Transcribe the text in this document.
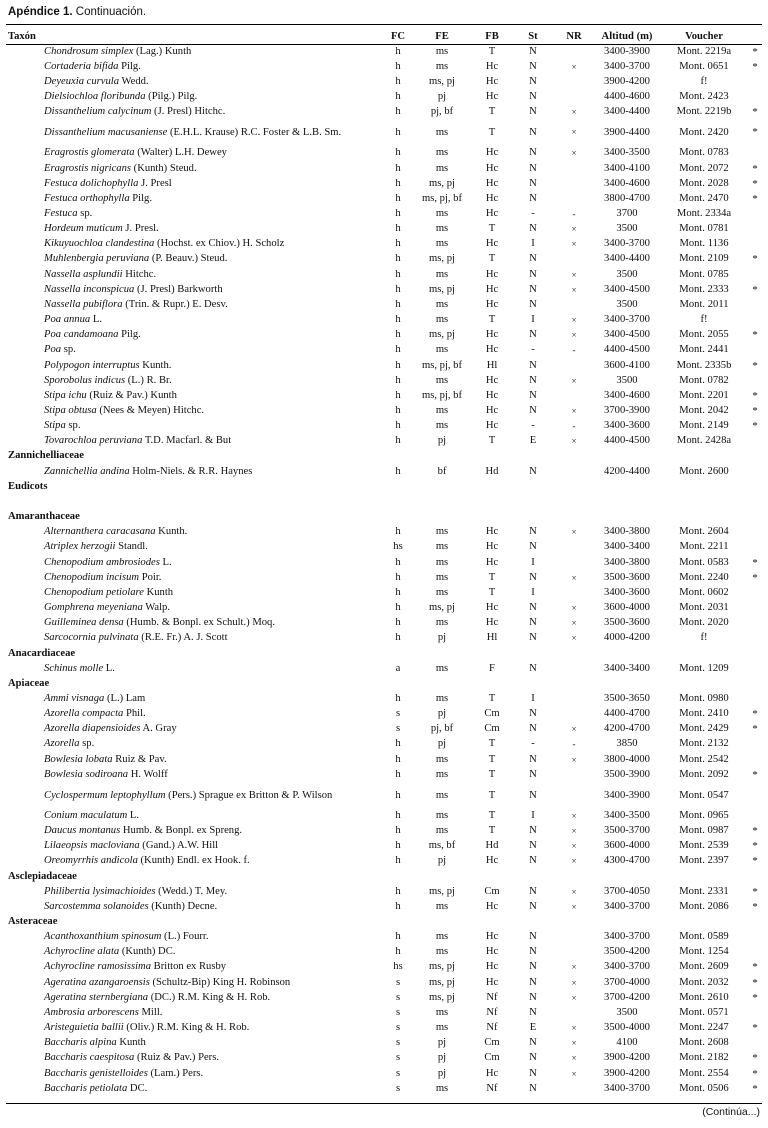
Apéndice 1. Continuación.
Taxón	FC	FE	FB	St	NR	Altitud (m)	Voucher	
Chondrosum simplex (Lag.) Kunth	h	ms	T	N		3400-3900	Mont. 2219a	*
Cortaderia bifida Pilg.	h	ms	Hc	N	×	3400-3700	Mont. 0651	*
Deyeuxia curvula Wedd.	h	ms, pj	Hc	N		3900-4200	f!	
Dielsiochloa floribunda (Pilg.) Pilg.	h	pj	Hc	N		4400-4600	Mont. 2423	
Dissanthelium calycinum (J. Presl) Hitchc.	h	pj, bf	T	N	×	3400-4400	Mont. 2219b	*
Dissanthelium macusaniense (E.H.L. Krause) R.C. Foster & L.B. Sm.	h	ms	T	N	×	3900-4400	Mont. 2420	*
Eragrostis glomerata (Walter) L.H. Dewey	h	ms	Hc	N	×	3400-3500	Mont. 0783	
Eragrostis nigricans (Kunth) Steud.	h	ms	Hc	N		3400-4100	Mont. 2072	*
Festuca dolichophylla J. Presl	h	ms, pj	Hc	N		3400-4600	Mont. 2028	*
Festuca orthophylla Pilg.	h	ms, pj, bf	Hc	N		3800-4700	Mont. 2470	*
Festuca sp.	h	ms	Hc	-	-	3700	Mont. 2334a	
Hordeum muticum J. Presl.	h	ms	T	N	×	3500	Mont. 0781	
Kikuyuochloa clandestina (Hochst. ex Chiov.) H. Scholz	h	ms	Hc	I	×	3400-3700	Mont. 1136	
Muhlenbergia peruviana (P. Beauv.) Steud.	h	ms, pj	T	N		3400-4400	Mont. 2109	*
Nassella asplundii Hitchc.	h	ms	Hc	N	×	3500	Mont. 0785	
Nassella inconspicua (J. Presl) Barkworth	h	ms, pj	Hc	N	×	3400-4500	Mont. 2333	*
Nassella pubiflora (Trin. & Rupr.) E. Desv.	h	ms	Hc	N		3500	Mont. 2011	
Poa annua L.	h	ms	T	I	×	3400-3700	f!	
Poa candamoana Pilg.	h	ms, pj	Hc	N	×	3400-4500	Mont. 2055	*
Poa sp.	h	ms	Hc	-	-	4400-4500	Mont. 2441	
Polypogon interruptus Kunth.	h	ms, pj, bf	Hl	N		3600-4100	Mont. 2335b	*
Sporobolus indicus (L.) R. Br.	h	ms	Hc	N	×	3500	Mont. 0782	
Stipa ichu (Ruiz & Pav.) Kunth	h	ms, pj, bf	Hc	N		3400-4600	Mont. 2201	*
Stipa obtusa (Nees & Meyen) Hitchc.	h	ms	Hc	N	×	3700-3900	Mont. 2042	*
Stipa sp.	h	ms	Hc	-	-	3400-3600	Mont. 2149	*
Tovarochloa peruviana T.D. Macfarl. & But	h	pj	T	E	×	4400-4500	Mont. 2428a	
Zannichelliaceae								
Zannichellia andina Holm-Niels. & R.R. Haynes	h	bf	Hd	N		4200-4400	Mont. 2600	
Eudicots								

Amaranthaceae								
Alternanthera caracasana Kunth.	h	ms	Hc	N	×	3400-3800	Mont. 2604	
Atriplex herzogii Standl.	hs	ms	Hc	N		3400-3400	Mont. 2211	
Chenopodium ambrosiodes L.	h	ms	Hc	I		3400-3800	Mont. 0583	*
Chenopodium incisum Poir.	h	ms	T	N	×	3500-3600	Mont. 2240	*
Chenopodium petiolare Kunth	h	ms	T	I		3400-3600	Mont. 0602	
Gomphrena meyeniana Walp.	h	ms, pj	Hc	N	×	3600-4000	Mont. 2031	
Guilleminea densa (Humb. & Bonpl. ex Schult.) Moq.	h	ms	Hc	N	×	3500-3600	Mont. 2020	
Sarcocornia pulvinata (R.E. Fr.) A. J. Scott	h	pj	Hl	N	×	4000-4200	f!	
Anacardiaceae								
Schinus molle L.	a	ms	F	N		3400-3400	Mont. 1209	
Apiaceae								
Ammi visnaga (L.) Lam	h	ms	T	I		3500-3650	Mont. 0980	
Azorella compacta Phil.	s	pj	Cm	N		4400-4700	Mont. 2410	*
Azorella diapensioides A. Gray	s	pj, bf	Cm	N	×	4200-4700	Mont. 2429	*
Azorella sp.	h	pj	T	-	-	3850	Mont. 2132	
Bowlesia lobata Ruiz & Pav.	h	ms	T	N	×	3800-4000	Mont. 2542	
Bowlesia sodiroana H. Wolff	h	ms	T	N		3500-3900	Mont. 2092	*
Cyclospermum leptophyllum (Pers.) Sprague ex Britton & P. Wilson	h	ms	T	N		3400-3900	Mont. 0547	
Conium maculatum L.	h	ms	T	I	×	3400-3500	Mont. 0965	
Daucus montanus Humb. & Bonpl. ex Spreng.	h	ms	T	N	×	3500-3700	Mont. 0987	*
Lilaeopsis macloviana (Gand.) A.W. Hill	h	ms, bf	Hd	N	×	3600-4000	Mont. 2539	*
Oreomyrrhis andicola (Kunth) Endl. ex Hook. f.	h	pj	Hc	N	×	4300-4700	Mont. 2397	*
Asclepiadaceae								
Philibertia lysimachioides (Wedd.) T. Mey.	h	ms, pj	Cm	N	×	3700-4050	Mont. 2331	*
Sarcostemma solanoides (Kunth) Decne.	h	ms	Hc	N	×	3400-3700	Mont. 2086	*
Asteraceae								
Acanthoxanthium spinosum (L.) Fourr.	h	ms	Hc	N		3400-3700	Mont. 0589	
Achyrocline alata (Kunth) DC.	h	ms	Hc	N		3500-4200	Mont. 1254	
Achyrocline ramosissima Britton ex Rusby	hs	ms, pj	Hc	N	×	3400-3700	Mont. 2609	*
Ageratina azangaroensis (Schultz-Bip) King H. Robinson	s	ms, pj	Hc	N	×	3700-4000	Mont. 2032	*
Ageratina sternbergiana (DC.) R.M. King & H. Rob.	s	ms, pj	Nf	N	×	3700-4200	Mont. 2610	*
Ambrosia arborescens Mill.	s	ms	Nf	N		3500	Mont. 0571	
Aristeguietia ballii (Oliv.) R.M. King & H. Rob.	s	ms	Nf	E	×	3500-4000	Mont. 2247	*
Baccharis alpina Kunth	s	pj	Cm	N	×	4100	Mont. 2608	
Baccharis caespitosa (Ruiz & Pav.) Pers.	s	pj	Cm	N	×	3900-4200	Mont. 2182	*
Baccharis genistelloides (Lam.) Pers.	s	pj	Hc	N	×	3900-4200	Mont. 2554	*
Baccharis petiolata DC.	s	ms	Nf	N		3400-3700	Mont. 0506	*
(Continúa...)
